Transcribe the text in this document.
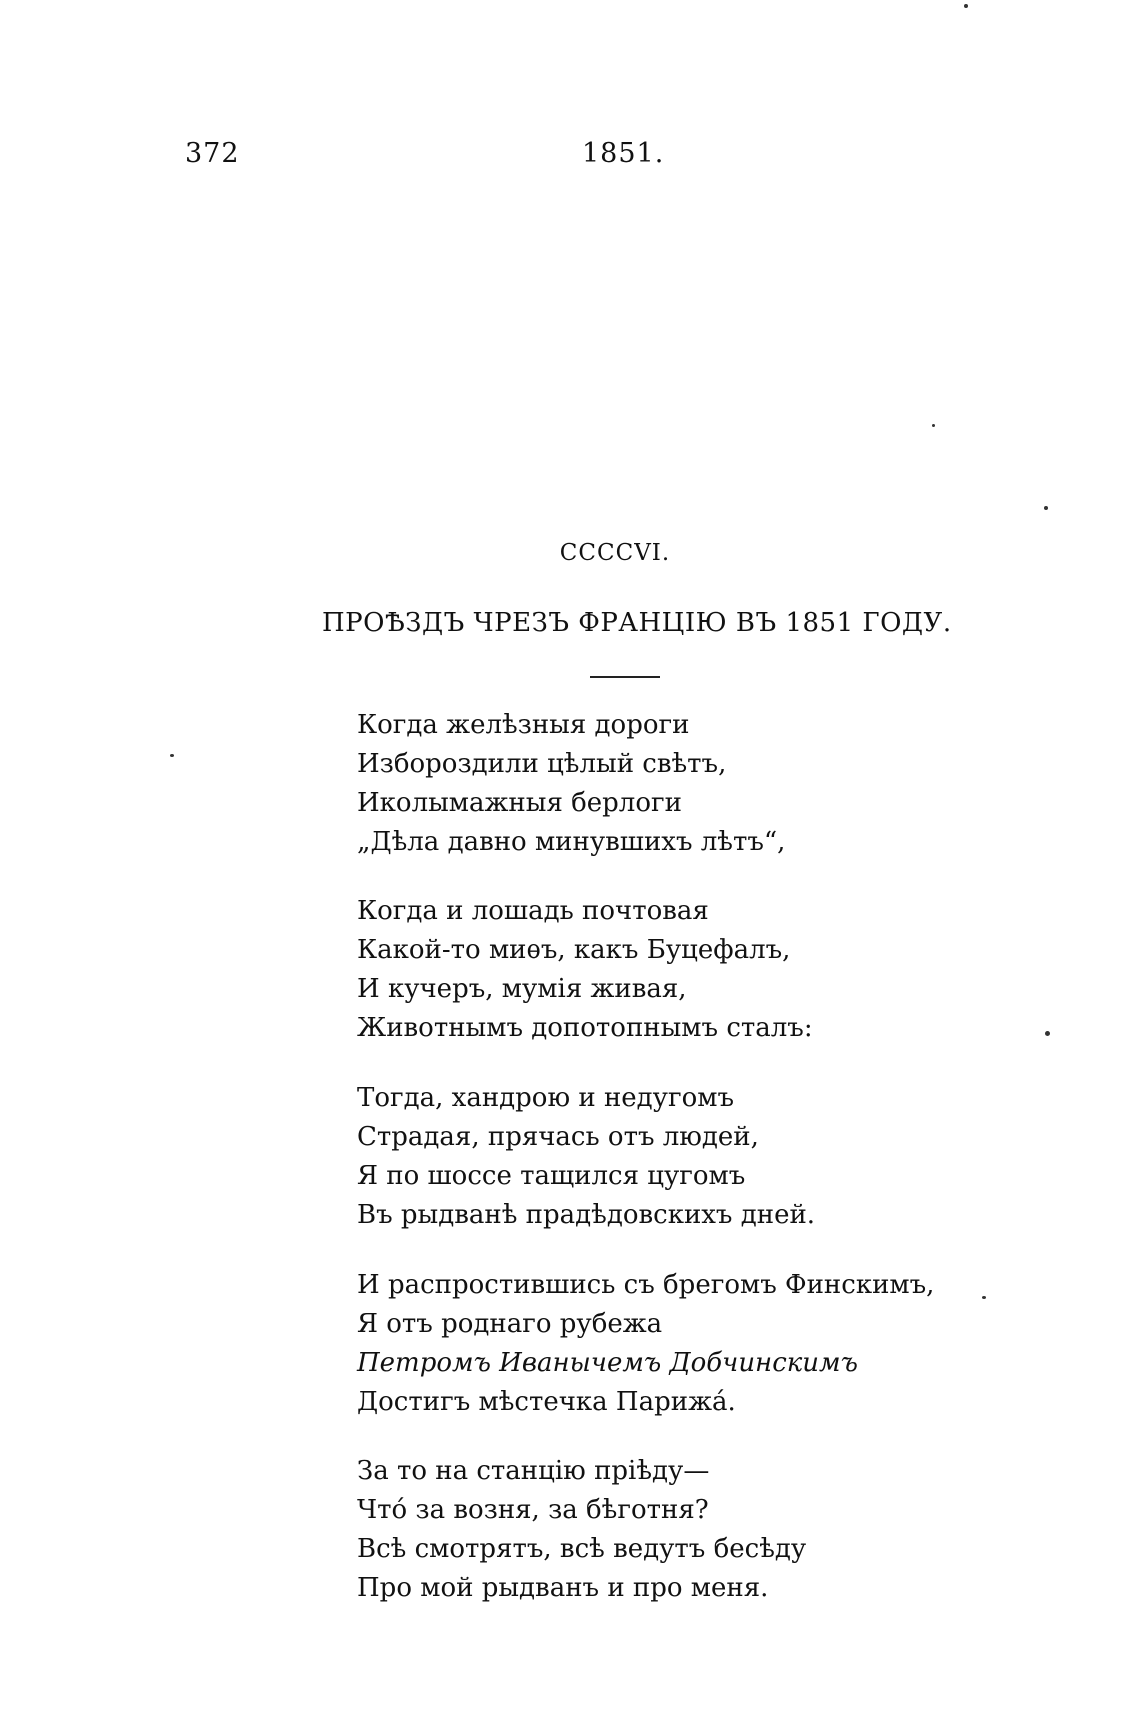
372	1851.
CCCCVI.
ПРОѢЗДЪ ЧРЕЗЪ ФРАНЦІЮ ВЪ 1851 ГОДУ.
Когда желѣзныя дороги
Избороздили цѣлый свѣтъ,
Иколымажныя берлоги
„Дѣла давно минувшихъ лѣтъ“,
Когда и лошадь почтовая
Какой-то миѳъ, какъ Буцефалъ,
И кучеръ, мумія живая,
Животнымъ допотопнымъ сталъ:
Тогда, хандрою и недугомъ
Страдая, прячась отъ людей,
Я по шоссе тащился цугомъ
Въ рыдванѣ прадѣдовскихъ дней.
И распростившись съ брегомъ Финскимъ,
Я отъ роднаго рубежа
Петромъ Иванычемъ Добчинскимъ
Достигъ мѣстечка Парижá.
За то на станцію пріѣду—
Чтó за возня, за бѣготня?
Всѣ смотрятъ, всѣ ведутъ бесѣду
Про мой рыдванъ и про меня.
